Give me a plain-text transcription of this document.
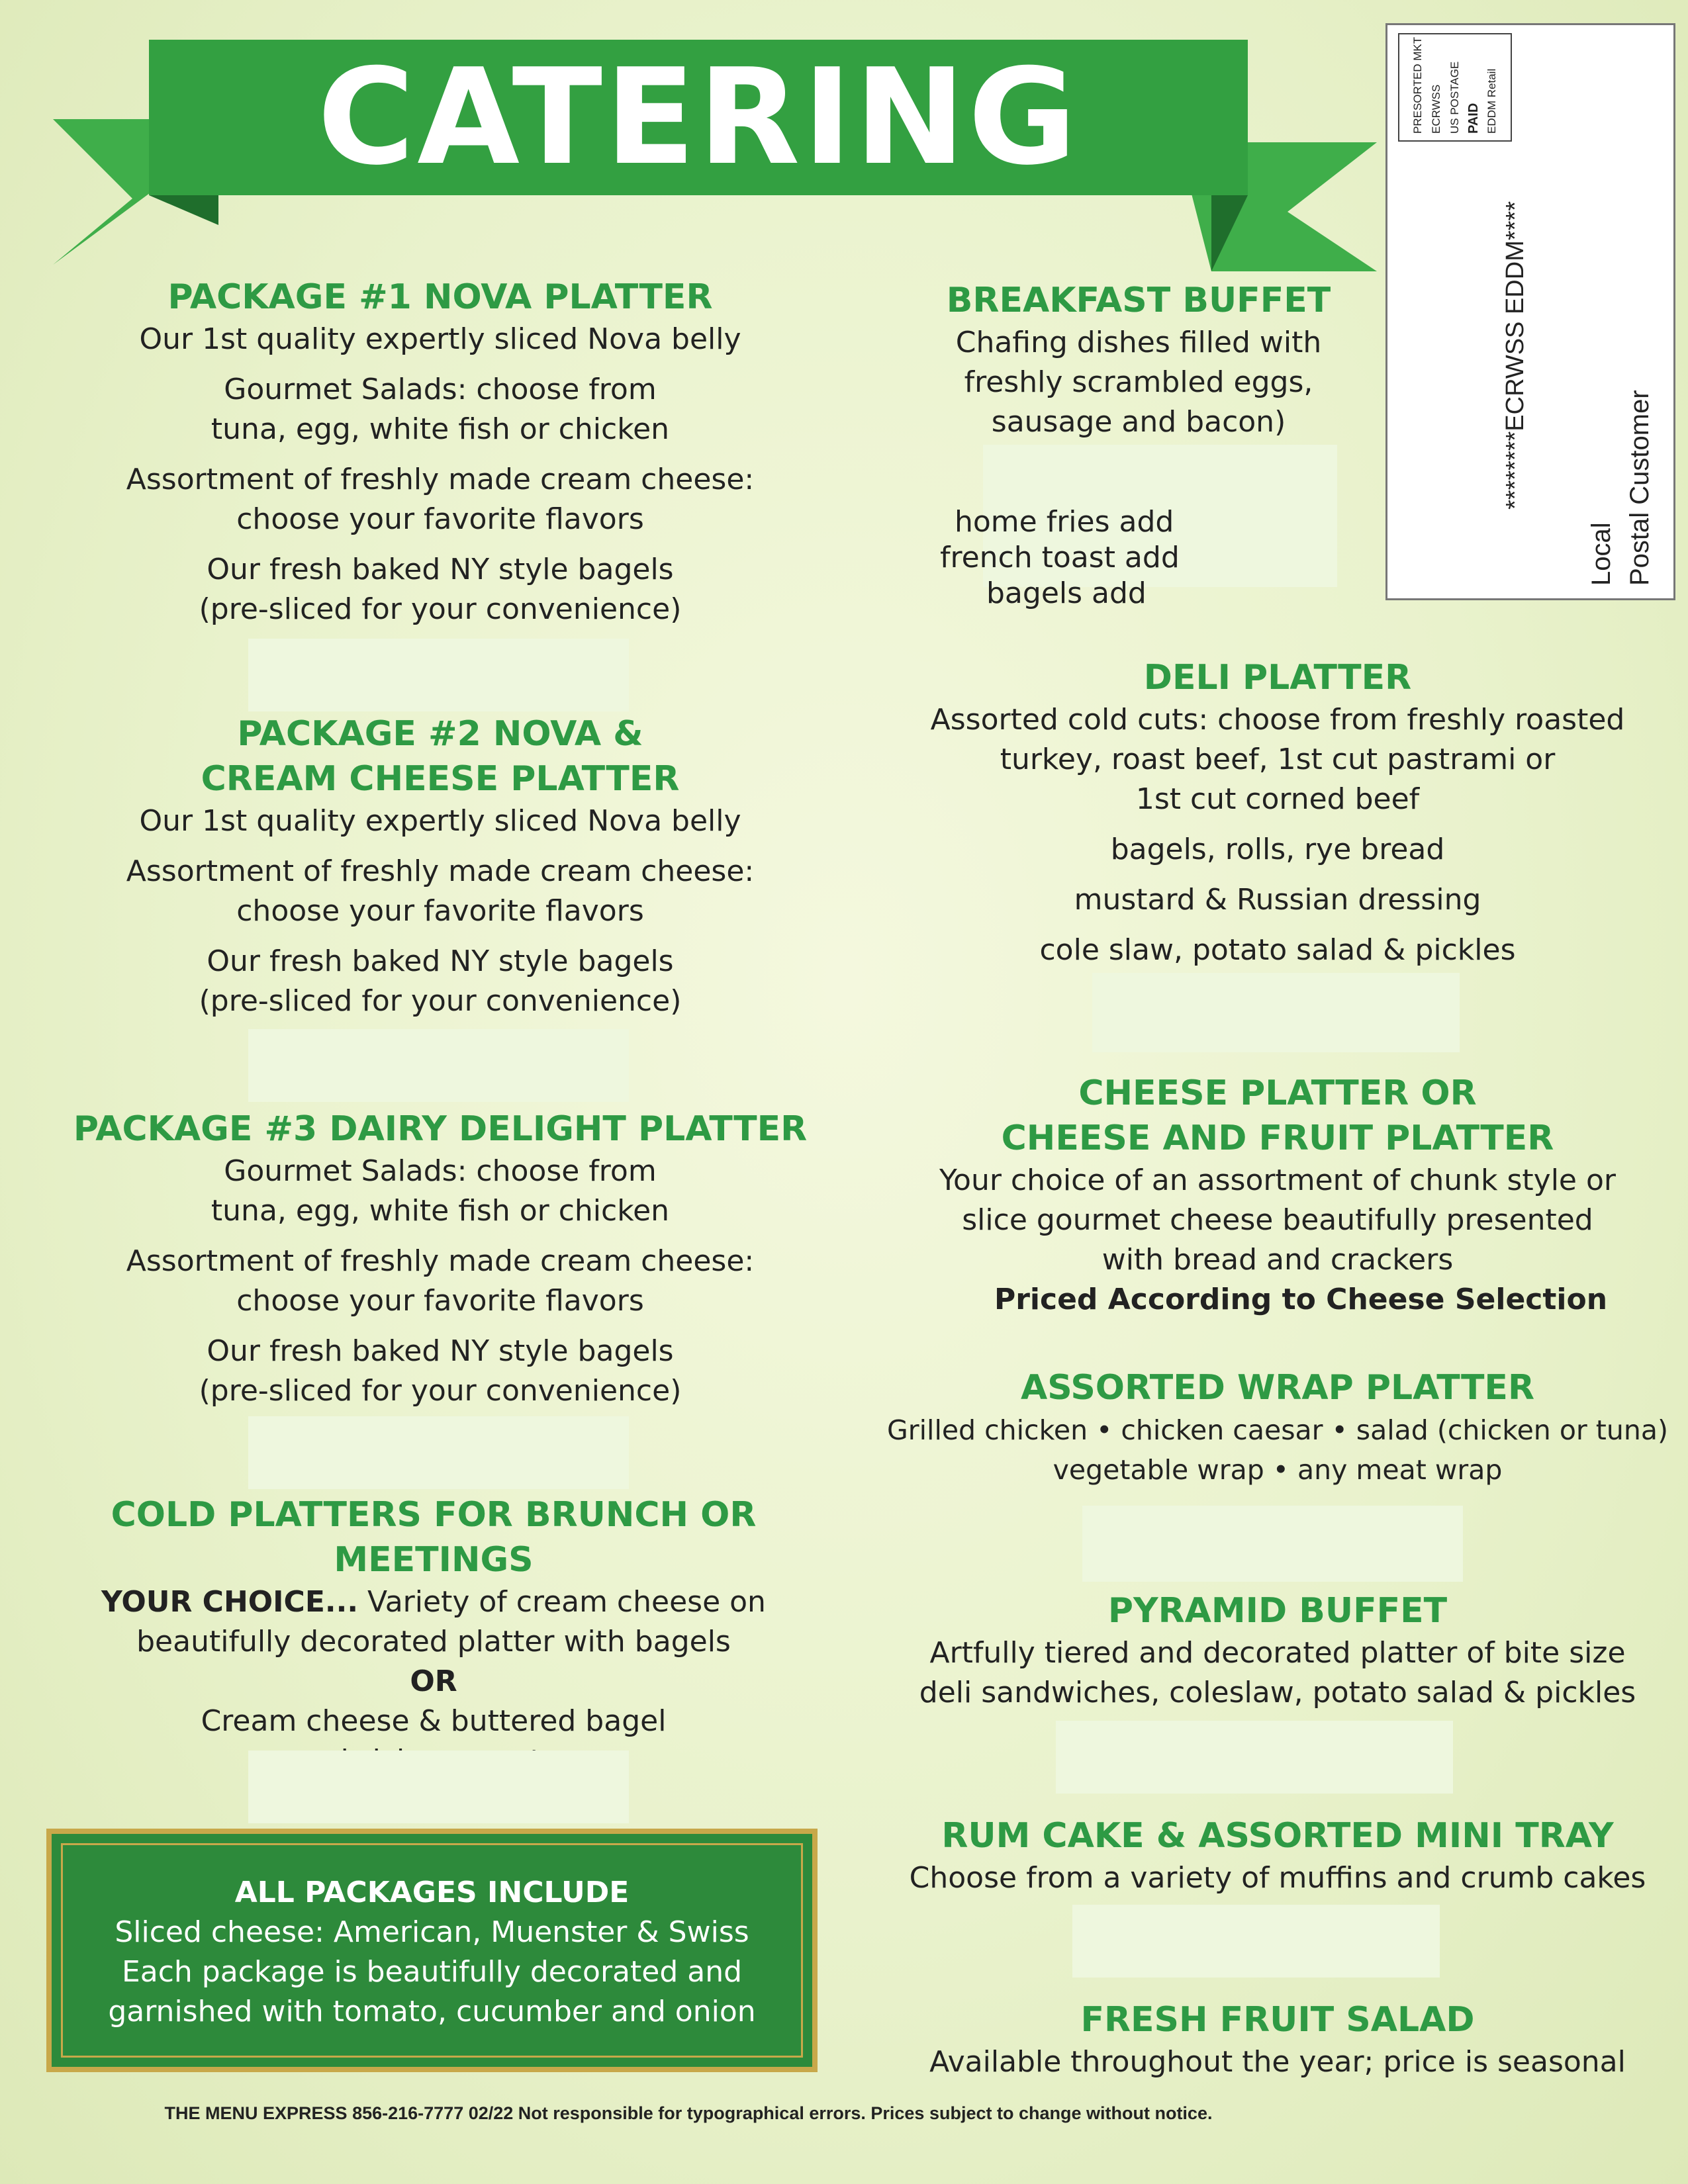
CATERING	PRESORTED MKT ECRWSS US POSTAGE PAID EDDM Retail
********ECRWSS EDDM****
Local Postal Customer
PACKAGE #1 NOVA PLATTER

Our 1st quality expertly sliced Nova belly

Gourmet Salads: choose from

tuna, egg, white fish or chicken

Assortment of freshly made cream cheese:

choose your favorite flavors

Our fresh baked NY style bagels

(pre-sliced for your convenience)

PACKAGE #2 NOVA &
CREAM CHEESE PLATTER

Our 1st quality expertly sliced Nova belly

Assortment of freshly made cream cheese:

choose your favorite flavors

Our fresh baked NY style bagels

(pre-sliced for your convenience)

PACKAGE #3 DAIRY DELIGHT PLATTER

Gourmet Salads: choose from

tuna, egg, white fish or chicken

Assortment of freshly made cream cheese:

choose your favorite flavors

Our fresh baked NY style bagels

(pre-sliced for your convenience)

COLD PLATTERS FOR BRUNCH OR MEETINGS

YOUR CHOICE... Variety of cream cheese on

beautifully decorated platter with bagels

OR

Cream cheese & buttered bagel

ALL PACKAGES INCLUDE

Sliced cheese: American, Muenster & Swiss

Each package is beautifully decorated and

garnished with tomato, cucumber and onion

BREAKFAST BUFFET

Chafing dishes filled with

freshly scrambled eggs,

sausage and bacon)

home fries add

french toast add

bagels add

DELI PLATTER

Assorted cold cuts: choose from freshly roasted

turkey, roast beef, 1st cut pastrami or

1st cut corned beef

bagels, rolls, rye bread

mustard & Russian dressing

cole slaw, potato salad & pickles

CHEESE PLATTER OR
CHEESE AND FRUIT PLATTER

Your choice of an assortment of chunk style or

slice gourmet cheese beautifully presented

with bread and crackers

Priced According to Cheese Selection

ASSORTED WRAP PLATTER

Grilled chicken • chicken caesar • salad (chicken or tuna)

vegetable wrap • any meat wrap

PYRAMID BUFFET

Artfully tiered and decorated platter of bite size

deli sandwiches, coleslaw, potato salad & pickles

RUM CAKE & ASSORTED MINI TRAY

Choose from a variety of muffins and crumb cakes

FRESH FRUIT SALAD

Available throughout the year; price is seasonal

THE MENU EXPRESS 856-216-7777 02/22 Not responsible for typographical errors. Prices subject to change without notice.
